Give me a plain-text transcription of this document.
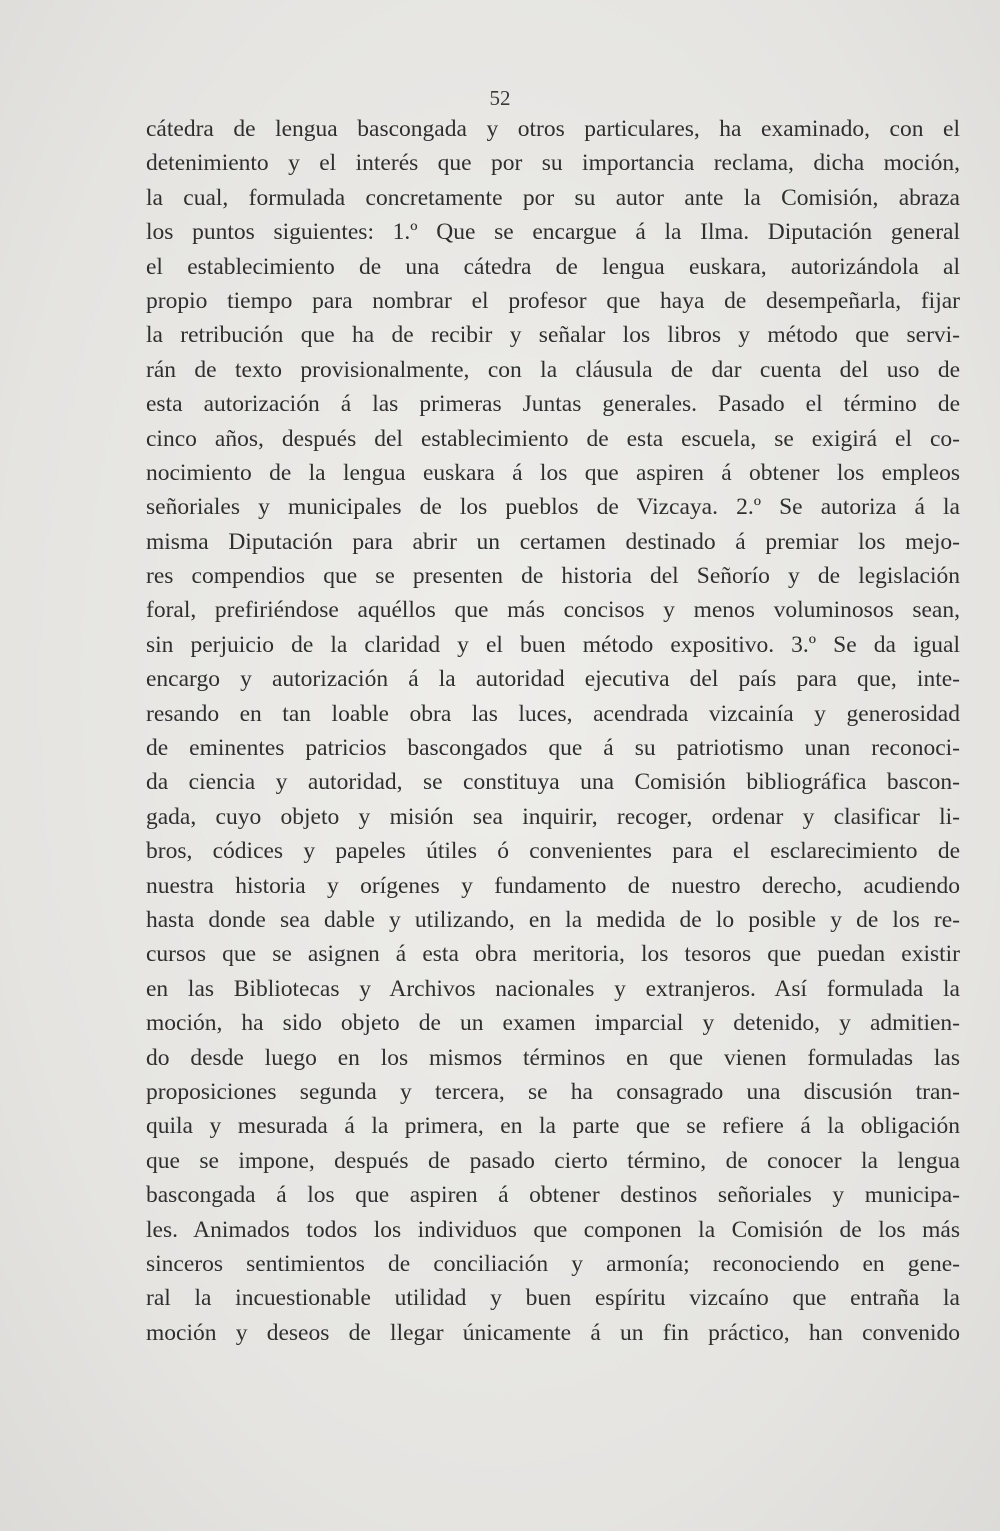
52
cátedra de lengua bascongada y otros particulares, ha examinado, con el
detenimiento y el interés que por su importancia reclama, dicha moción,
la cual, formulada concretamente por su autor ante la Comisión, abraza
los puntos siguientes: 1.º Que se encargue á la Ilma. Diputación general
el establecimiento de una cátedra de lengua euskara, autorizándola al
propio tiempo para nombrar el profesor que haya de desempeñarla, fijar
la retribución que ha de recibir y señalar los libros y método que servi-
rán de texto provisionalmente, con la cláusula de dar cuenta del uso de
esta autorización á las primeras Juntas generales. Pasado el término de
cinco años, después del establecimiento de esta escuela, se exigirá el co-
nocimiento de la lengua euskara á los que aspiren á obtener los empleos
señoriales y municipales de los pueblos de Vizcaya. 2.º Se autoriza á la
misma Diputación para abrir un certamen destinado á premiar los mejo-
res compendios que se presenten de historia del Señorío y de legislación
foral, prefiriéndose aquéllos que más concisos y menos voluminosos sean,
sin perjuicio de la claridad y el buen método expositivo. 3.º Se da igual
encargo y autorización á la autoridad ejecutiva del país para que, inte-
resando en tan loable obra las luces, acendrada vizcainía y generosidad
de eminentes patricios bascongados que á su patriotismo unan reconoci-
da ciencia y autoridad, se constituya una Comisión bibliográfica bascon-
gada, cuyo objeto y misión sea inquirir, recoger, ordenar y clasificar li-
bros, códices y papeles útiles ó convenientes para el esclarecimiento de
nuestra historia y orígenes y fundamento de nuestro derecho, acudiendo
hasta donde sea dable y utilizando, en la medida de lo posible y de los re-
cursos que se asignen á esta obra meritoria, los tesoros que puedan existir
en las Bibliotecas y Archivos nacionales y extranjeros. Así formulada la
moción, ha sido objeto de un examen imparcial y detenido, y admitien-
do desde luego en los mismos términos en que vienen formuladas las
proposiciones segunda y tercera, se ha consagrado una discusión tran-
quila y mesurada á la primera, en la parte que se refiere á la obligación
que se impone, después de pasado cierto término, de conocer la lengua
bascongada á los que aspiren á obtener destinos señoriales y municipa-
les. Animados todos los individuos que componen la Comisión de los más
sinceros sentimientos de conciliación y armonía; reconociendo en gene-
ral la incuestionable utilidad y buen espíritu vizcaíno que entraña la
moción y deseos de llegar únicamente á un fin práctico, han convenido
